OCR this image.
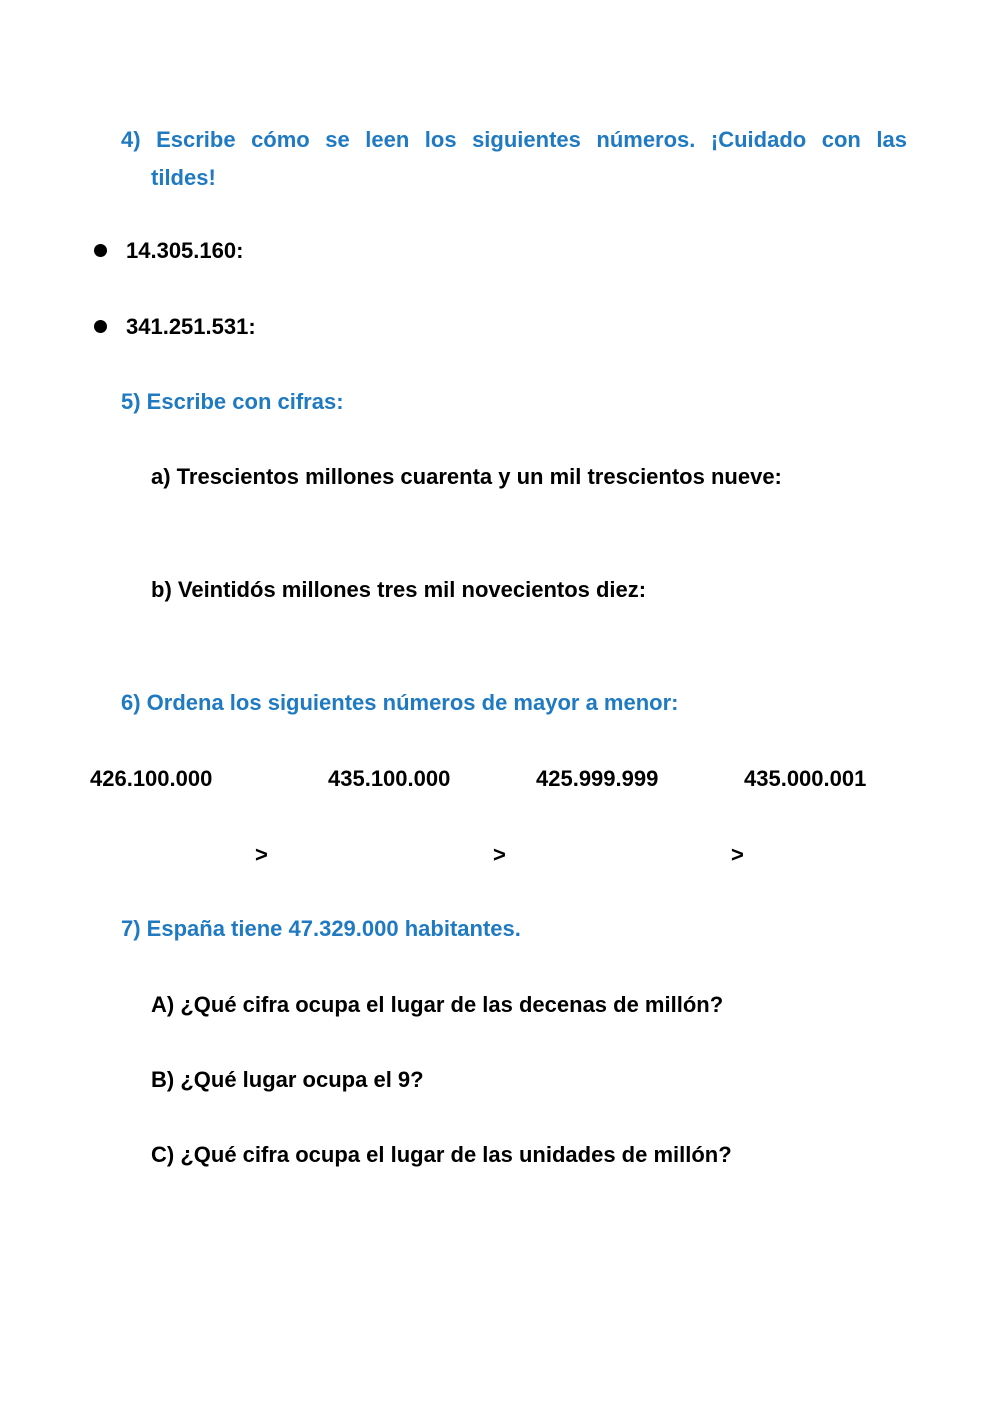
4) Escribe cómo se leen los siguientes números. ¡Cuidado con las
tildes!
14.305.160:
341.251.531:
5) Escribe con cifras:
a) Trescientos millones cuarenta y un mil trescientos nueve:
b) Veintidós millones tres mil novecientos diez:
6) Ordena los siguientes números de mayor a menor:
426.100.000	435.100.000	425.999.999	435.000.001
>	>	>
7) España tiene 47.329.000 habitantes.
A) ¿Qué cifra ocupa el lugar de las decenas de millón?
B) ¿Qué lugar ocupa el 9?
C) ¿Qué cifra ocupa el lugar de las unidades de millón?
